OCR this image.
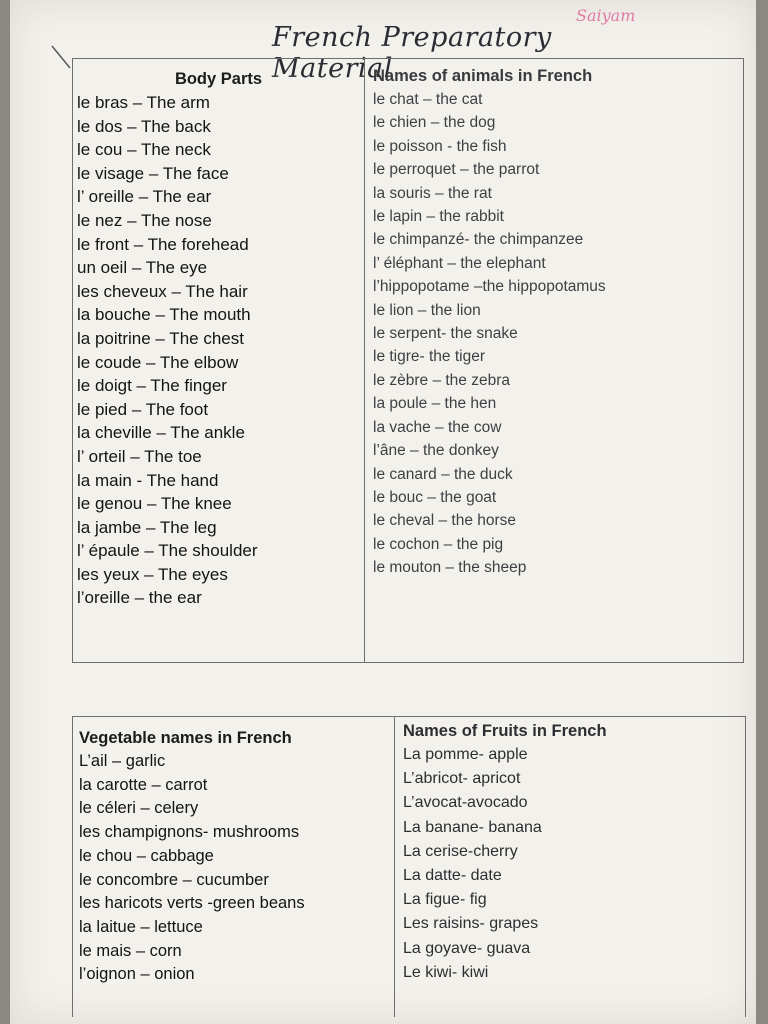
Saiyam
French Preparatory Material
Body Parts
le bras – The arm
le dos – The back
le cou – The neck
le visage – The face
l’ oreille – The ear
le nez – The nose
le front – The forehead
un oeil – The eye
les cheveux – The hair
la bouche – The mouth
la poitrine – The chest
le coude – The elbow
le doigt – The finger
le pied – The foot
la cheville – The ankle
l’ orteil – The toe
la main - The hand
le genou – The knee
la jambe – The leg
l’ épaule – The shoulder
les yeux – The eyes
l’oreille – the ear
Names of animals in French
le chat – the cat
le chien – the dog
le poisson - the fish
le perroquet – the parrot
la souris – the rat
le lapin – the rabbit
le chimpanzé- the chimpanzee
l’ éléphant – the elephant
l’hippopotame –the hippopotamus
le lion – the lion
le serpent- the snake
le tigre- the tiger
le zèbre – the zebra
la poule – the hen
la vache – the cow
l’âne – the donkey
le canard – the duck
le bouc – the goat
le cheval – the horse
le cochon – the pig
le mouton – the sheep
Vegetable names in French
L’ail – garlic
la carotte – carrot
le céleri – celery
les champignons- mushrooms
le chou – cabbage
le concombre – cucumber
les haricots verts -green beans
la laitue – lettuce
le mais – corn
l’oignon – onion
Names of Fruits in French
La pomme- apple
L’abricot- apricot
L’avocat-avocado
La banane- banana
La cerise-cherry
La datte- date
La figue- fig
Les raisins- grapes
La goyave- guava
Le kiwi- kiwi
